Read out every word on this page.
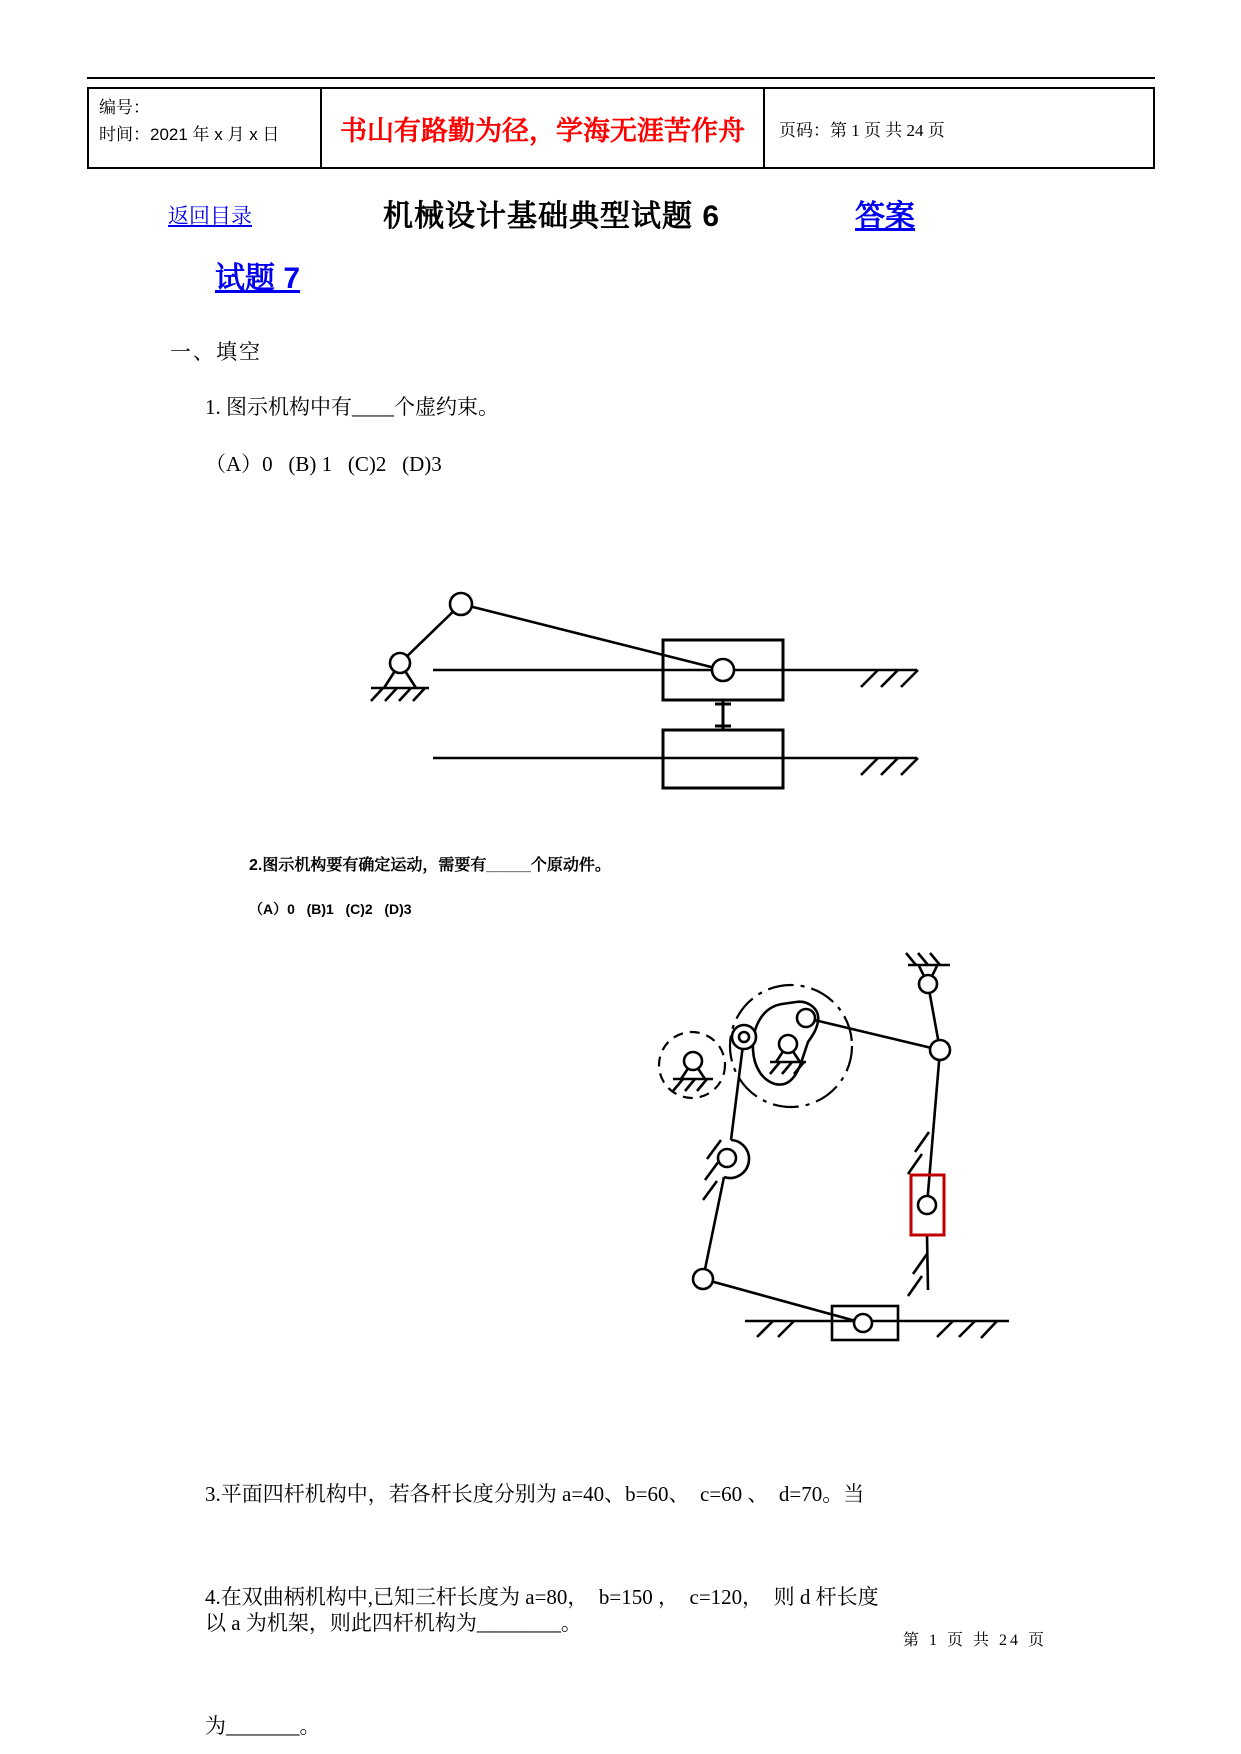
编号：
时间：2021 年 x 月 x 日	书山有路勤为径，学海无涯苦作舟 页码：第 1 页 共 24 页
返回目录	机械设计基础典型试题 6	答案
试题 7
一、填空
1. 图示机构中有____个虚约束。
（A）0   (B) 1   (C)2   (D)3
2.图示机构要有确定运动，需要有_____个原动件。
（A）0   (B)1   (C)2   (D)3

3.平面四杆机构中，若各杆长度分别为 a=40、b=60、  c=60 、  d=70。当

以 a 为机架，则此四杆机构为________。

4.在双曲柄机构中,已知三杆长度为 a=80，  b=150 ，  c=120，  则 d 杆长度

为_______。

第 1 页 共 24 页
